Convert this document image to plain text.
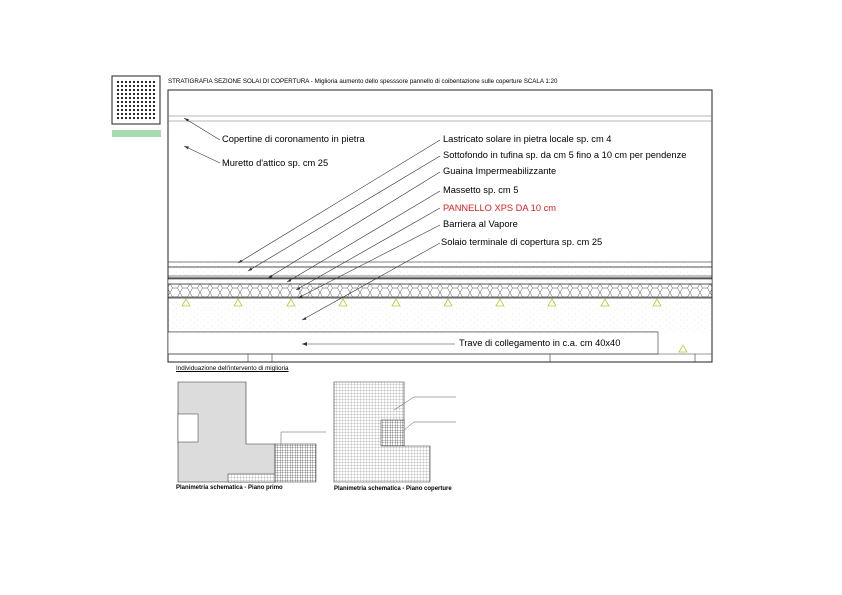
STRATIGRAFIA SEZIONE SOLAI DI COPERTURA - Miglioria aumento dello spesssore pannello di coibentazione sulle coperture SCALA 1:20
Copertine di coronamento in pietra
Muretto d'attico sp. cm 25
Lastricato solare in pietra locale sp. cm 4
Sottofondo in tufina sp. da cm 5 fino a 10 cm per pendenze
Guaina Impermeabilizzante
Massetto sp. cm 5
PANNELLO XPS DA 10 cm
Barriera al Vapore
Solaio terminale di copertura sp. cm 25
Trave di collegamento in c.a. cm 40x40
Individuazione dell'intervento di miglioria
Planimetria schematica - Piano primo	Planimetria schematica - Piano coperture
